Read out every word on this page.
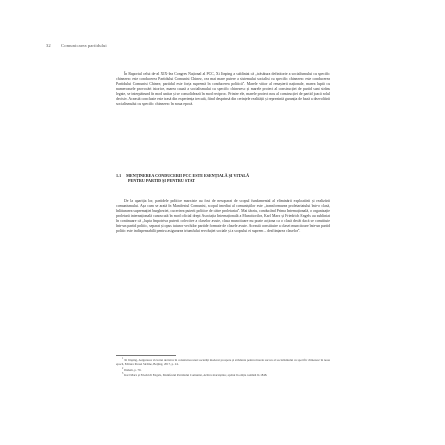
32 Comunicarea partidului

În Raportul celui de-al XIX-lea Congres Național al PCC, Xi Jinping a subliniat că ,,trăsătura definitorie a socialismului cu specific chinezesc este conducerea Partidului Comunist Chinez, cea mai mare putere a sistemului socialist cu specific chinezesc este conducerea Partidului Comunist Chinez; partidul este forța supremă în conducerea politică''. Marele viitor al renașterii naționale, marea luptă cu numeroasele provocări istorice, marea cauză a socialismului cu specific chinezesc și marele proiect al construcției de partid sunt strâns legate, se interpătrund în mod unitar și se consolidează în mod reciproc. Printre ele, marele proiect nou al construcției de partid joacă rolul decisiv. Această concluzie este trasă din experiența trecută, fiind desprinsă din cerințele realității și reprezintă garanția de bază a dezvoltării socialismului cu specific chinezesc în noua epocă.

1.1 MENȚINEREA CONDUCERII PCC ESTE ESENȚIALĂ ȘI VITALĂ
PENTRU PARTID ȘI PENTRU STAT

De la apariția lor, partidele politice marxiste au fost de nesoparat de scopul fundamental al eliminării exploatării și realizării comunismului. Așa cum se arată în Manifestul Comunist, scopul imediat al comuniștilor este ,,transformarea proletariatului într-o clasă, înlăturarea supremației burgheziei, cucerirea puterii politice de către proletariat''. Mai târziu, conducând Prima Internațională, o organizație proletară internațională cunoscută în mod oficial drept Asociația Internațională a Muncitorilor, Karl Marx și Friedrich Engels au subliniat în continuare că ,,lupta împotriva puterii colective a claselor avute, clasa muncitoare nu poate acționa ca o clasă decât dacă se constituie într-un partid politic, separat și opus tuturor vechilor partide formate de clasele avute. Această constituire a clasei muncitoare într-un partid politic este indispensabilă pentru asigurarea triumfului revoluției sociale și a scopului ei suprem – desființarea claselor''.

$^1$ Xi Jinping, Asigurarea victoriei decisive în construirea unei societăți moderat prospere și strădania pentru marele succes al socialismului cu specific chinezesc în noua epocă, Editura Presei Străine, Beijing, 2017, p. 24.
$^2$ Ibidem, p. 79.
$^3$ Karl Marx și Friedrich Engels, Manifestul Partidului Comunist, Arhiva marxiștilor, apărut în ediția română în 1848.
